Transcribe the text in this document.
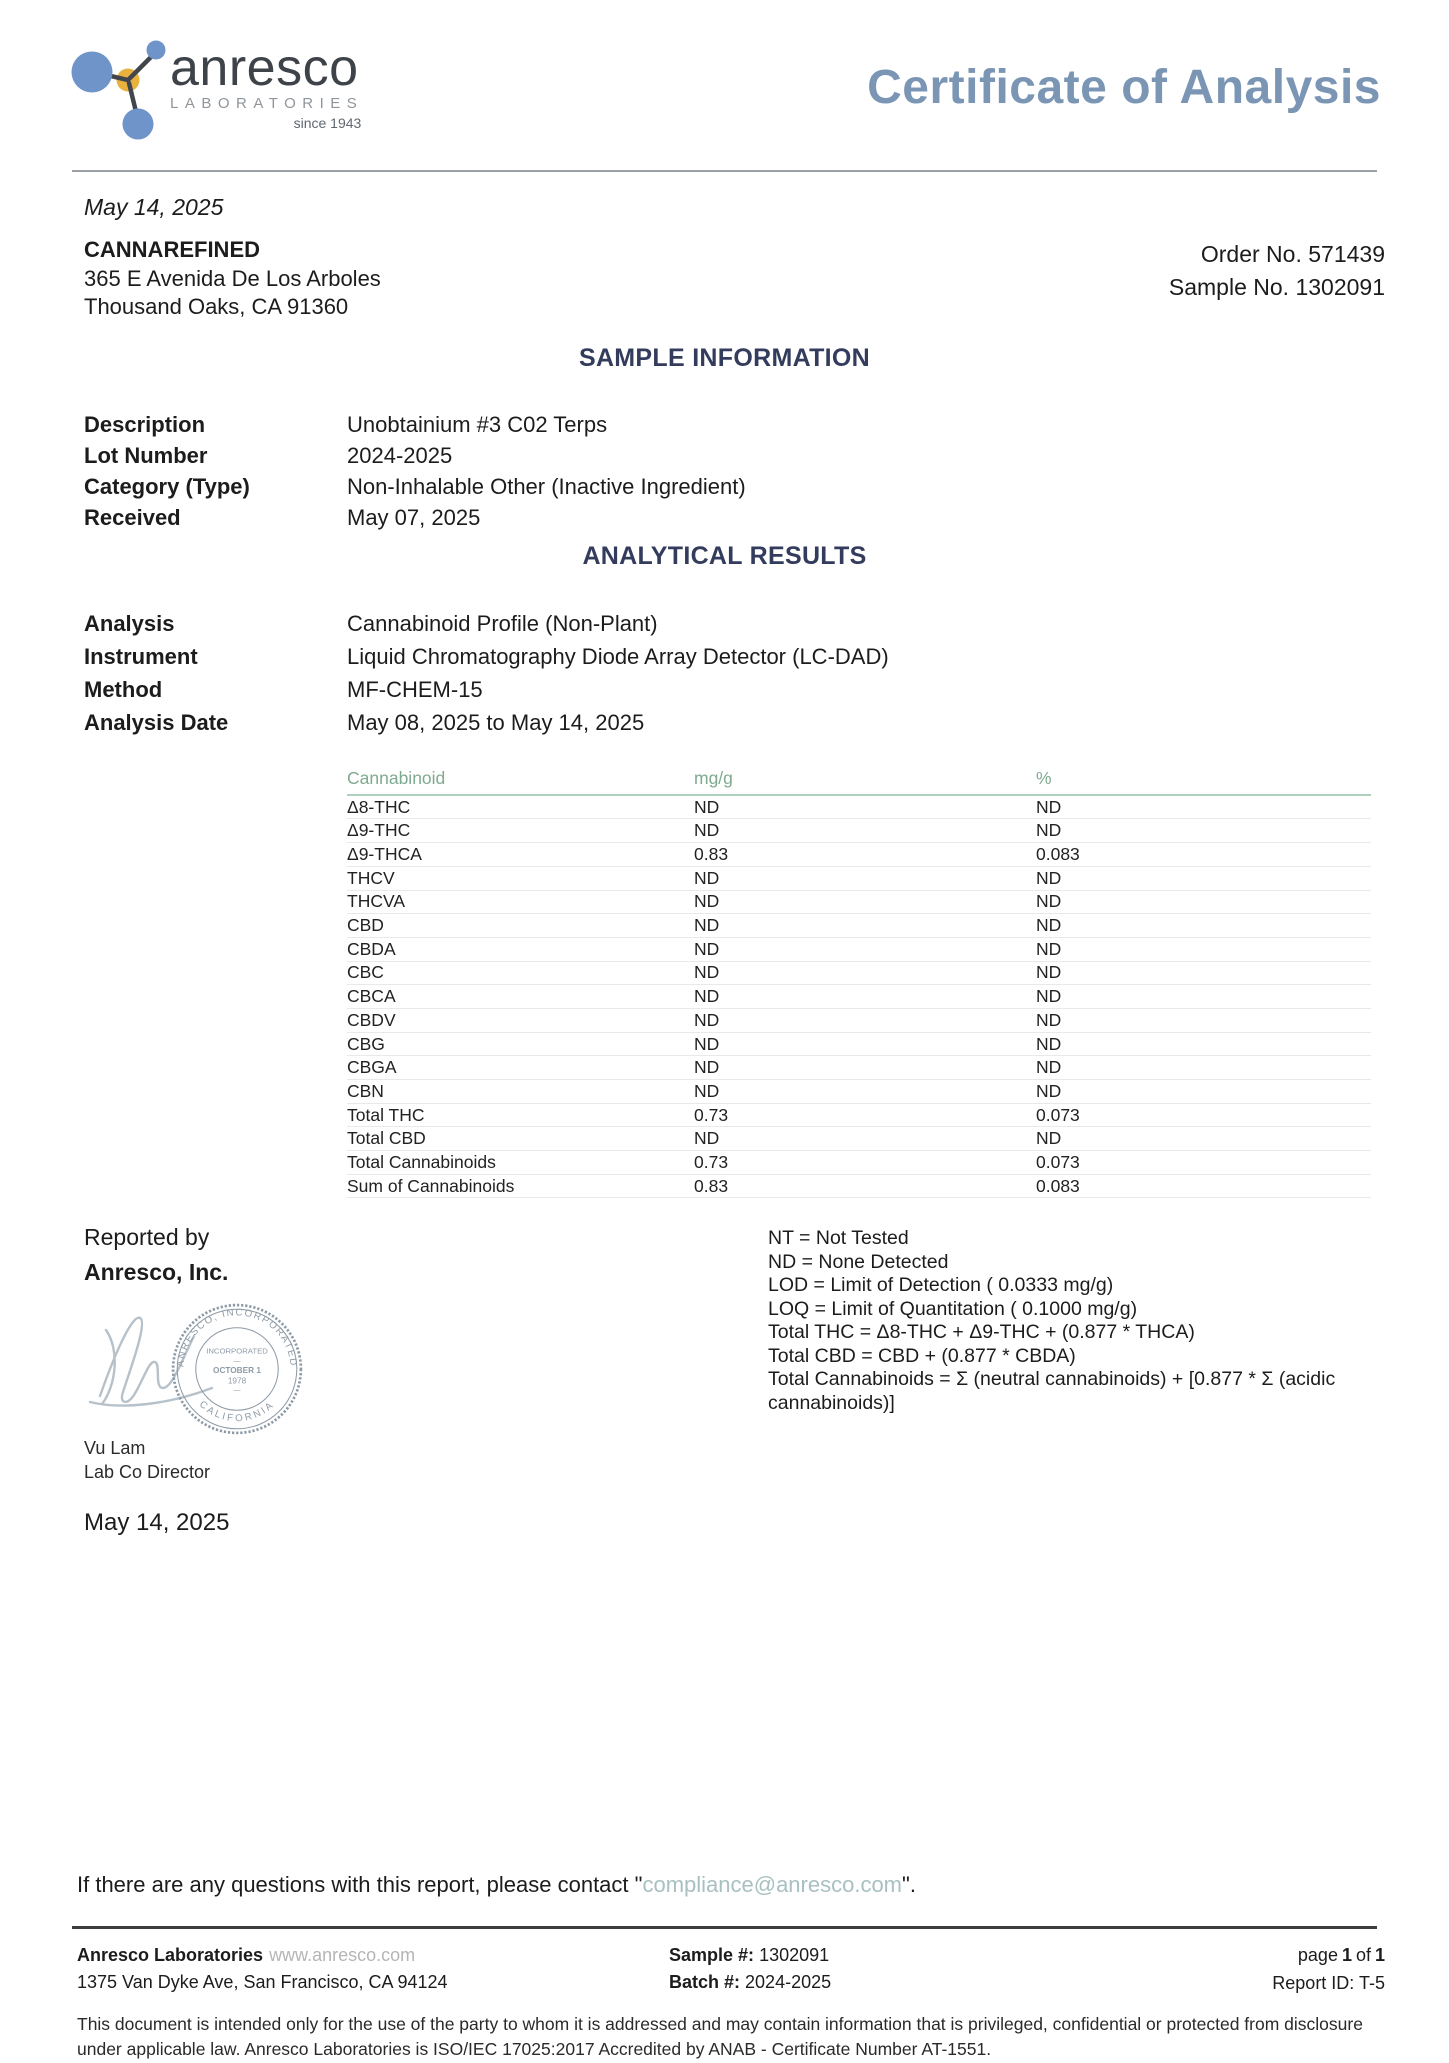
anresco
LABORATORIES
since 1943
Certificate of Analysis
May 14, 2025
CANNAREFINED
365 E Avenida De Los Arboles
Thousand Oaks, CA 91360
Order No. 571439
Sample No. 1302091
SAMPLE INFORMATION
Description	Unobtainium #3 C02 Terps
Lot Number	2024-2025
Category (Type)	Non-Inhalable Other (Inactive Ingredient)
Received	May 07, 2025
ANALYTICAL RESULTS
Analysis	Cannabinoid Profile (Non-Plant)
Instrument	Liquid Chromatography Diode Array Detector (LC-DAD)
Method	MF-CHEM-15
Analysis Date	May 08, 2025 to May 14, 2025
Cannabinoid	mg/g	%
Δ8-THC	ND	ND
Δ9-THC	ND	ND
Δ9-THCA	0.83	0.083
THCV	ND	ND
THCVA	ND	ND
CBD	ND	ND
CBDA	ND	ND
CBC	ND	ND
CBCA	ND	ND
CBDV	ND	ND
CBG	ND	ND
CBGA	ND	ND
CBN	ND	ND
Total THC	0.73	0.073
Total CBD	ND	ND
Total Cannabinoids	0.73	0.073
Sum of Cannabinoids	0.83	0.083
Reported by
Anresco, Inc.
ANRESCO, INCORPORATED
CALIFORNIA
INCORPORATED
—
OCTOBER 1
1978
—
Vu Lam
Lab Co Director
May 14, 2025
NT = Not Tested
ND = None Detected
LOD = Limit of Detection ( 0.0333 mg/g)
LOQ = Limit of Quantitation ( 0.1000 mg/g)
Total THC = Δ8-THC + Δ9-THC + (0.877 * THCA)
Total CBD = CBD + (0.877 * CBDA)
Total Cannabinoids = Σ (neutral cannabinoids) + [0.877 * Σ (acidic cannabinoids)]
If there are any questions with this report, please contact "compliance@anresco.com".
Anresco Laboratories www.anresco.com
1375 Van Dyke Ave, San Francisco, CA 94124
Sample #: 1302091
Batch #: 2024-2025
page 1 of 1
Report ID: T-5
This document is intended only for the use of the party to whom it is addressed and may contain information that is privileged, confidential or protected from disclosure
under applicable law. Anresco Laboratories is ISO/IEC 17025:2017 Accredited by ANAB - Certificate Number AT-1551.
